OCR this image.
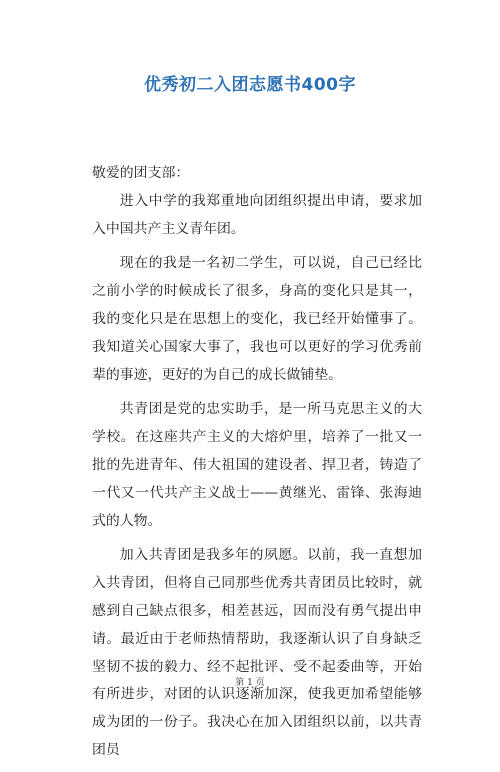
优秀初二入团志愿书400字

敬爱的团支部：

进入中学的我郑重地向团组织提出申请，要求加入中国共产主义青年团。

现在的我是一名初二学生，可以说，自己已经比之前小学的时候成长了很多，身高的变化只是其一，我的变化只是在思想上的变化，我已经开始懂事了。我知道关心国家大事了，我也可以更好的学习优秀前辈的事迹，更好的为自己的成长做铺垫。

共青团是党的忠实助手，是一所马克思主义的大学校。在这座共产主义的大熔炉里，培养了一批又一批的先进青年、伟大祖国的建设者、捍卫者，铸造了一代又一代共产主义战士——黄继光、雷锋、张海迪式的人物。

加入共青团是我多年的夙愿。以前，我一直想加入共青团，但将自己同那些优秀共青团员比较时，就感到自己缺点很多，相差甚远，因而没有勇气提出申请。最近由于老师热情帮助，我逐渐认识了自身缺乏坚韧不拔的毅力、经不起批评、受不起委曲等，开始有所进步，对团的认识逐渐加深，使我更加希望能够成为团的一份子。我决心在加入团组织以前，以共青团员

第 1 页
